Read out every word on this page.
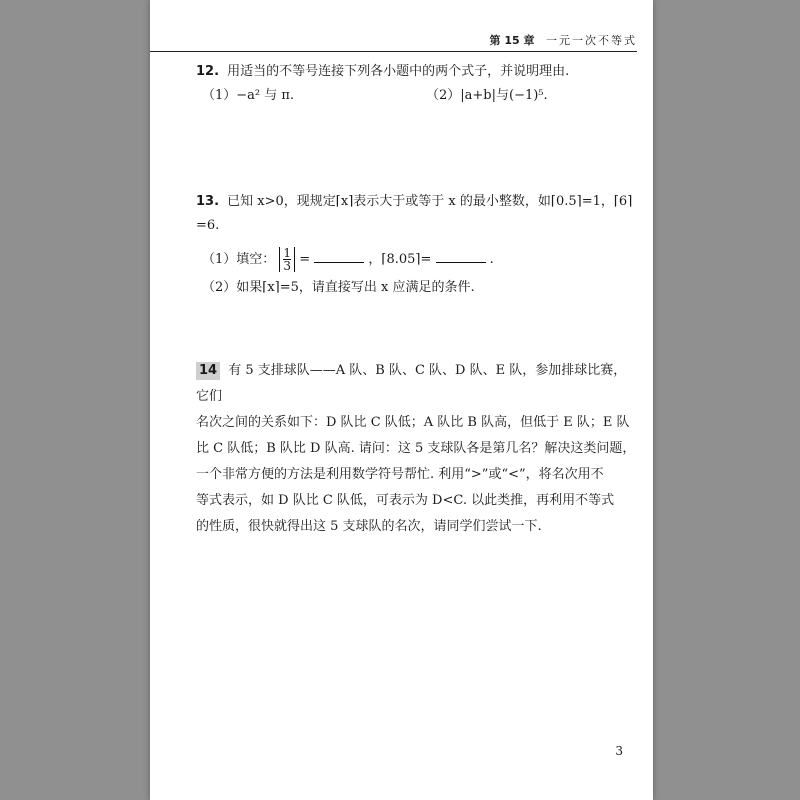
第 15 章 一元一次不等式
12. 用适当的不等号连接下列各小题中的两个式子，并说明理由.
（1）−a² 与 π.	（2）|a+b|与(−1)⁵.
13. 已知 x>0，现规定⌈x⌉表示大于或等于 x 的最小整数，如⌈0.5⌉=1，⌈6⌉=6.
（1）填空： $\frac{1}{3}$ =	，⌈8.05⌉=	.
（2）如果⌈x⌉=5，请直接写出 x 应满足的条件.
14 有 5 支排球队——A 队、B 队、C 队、D 队、E 队，参加排球比赛，它们
名次之间的关系如下：D 队比 C 队低；A 队比 B 队高，但低于 E 队；E 队
比 C 队低；B 队比 D 队高. 请问：这 5 支球队各是第几名？解决这类问题，
一个非常方便的方法是利用数学符号帮忙. 利用“>”或“<”，将名次用不
等式表示，如 D 队比 C 队低，可表示为 D<C. 以此类推，再利用不等式
的性质，很快就得出这 5 支球队的名次，请同学们尝试一下.
3
